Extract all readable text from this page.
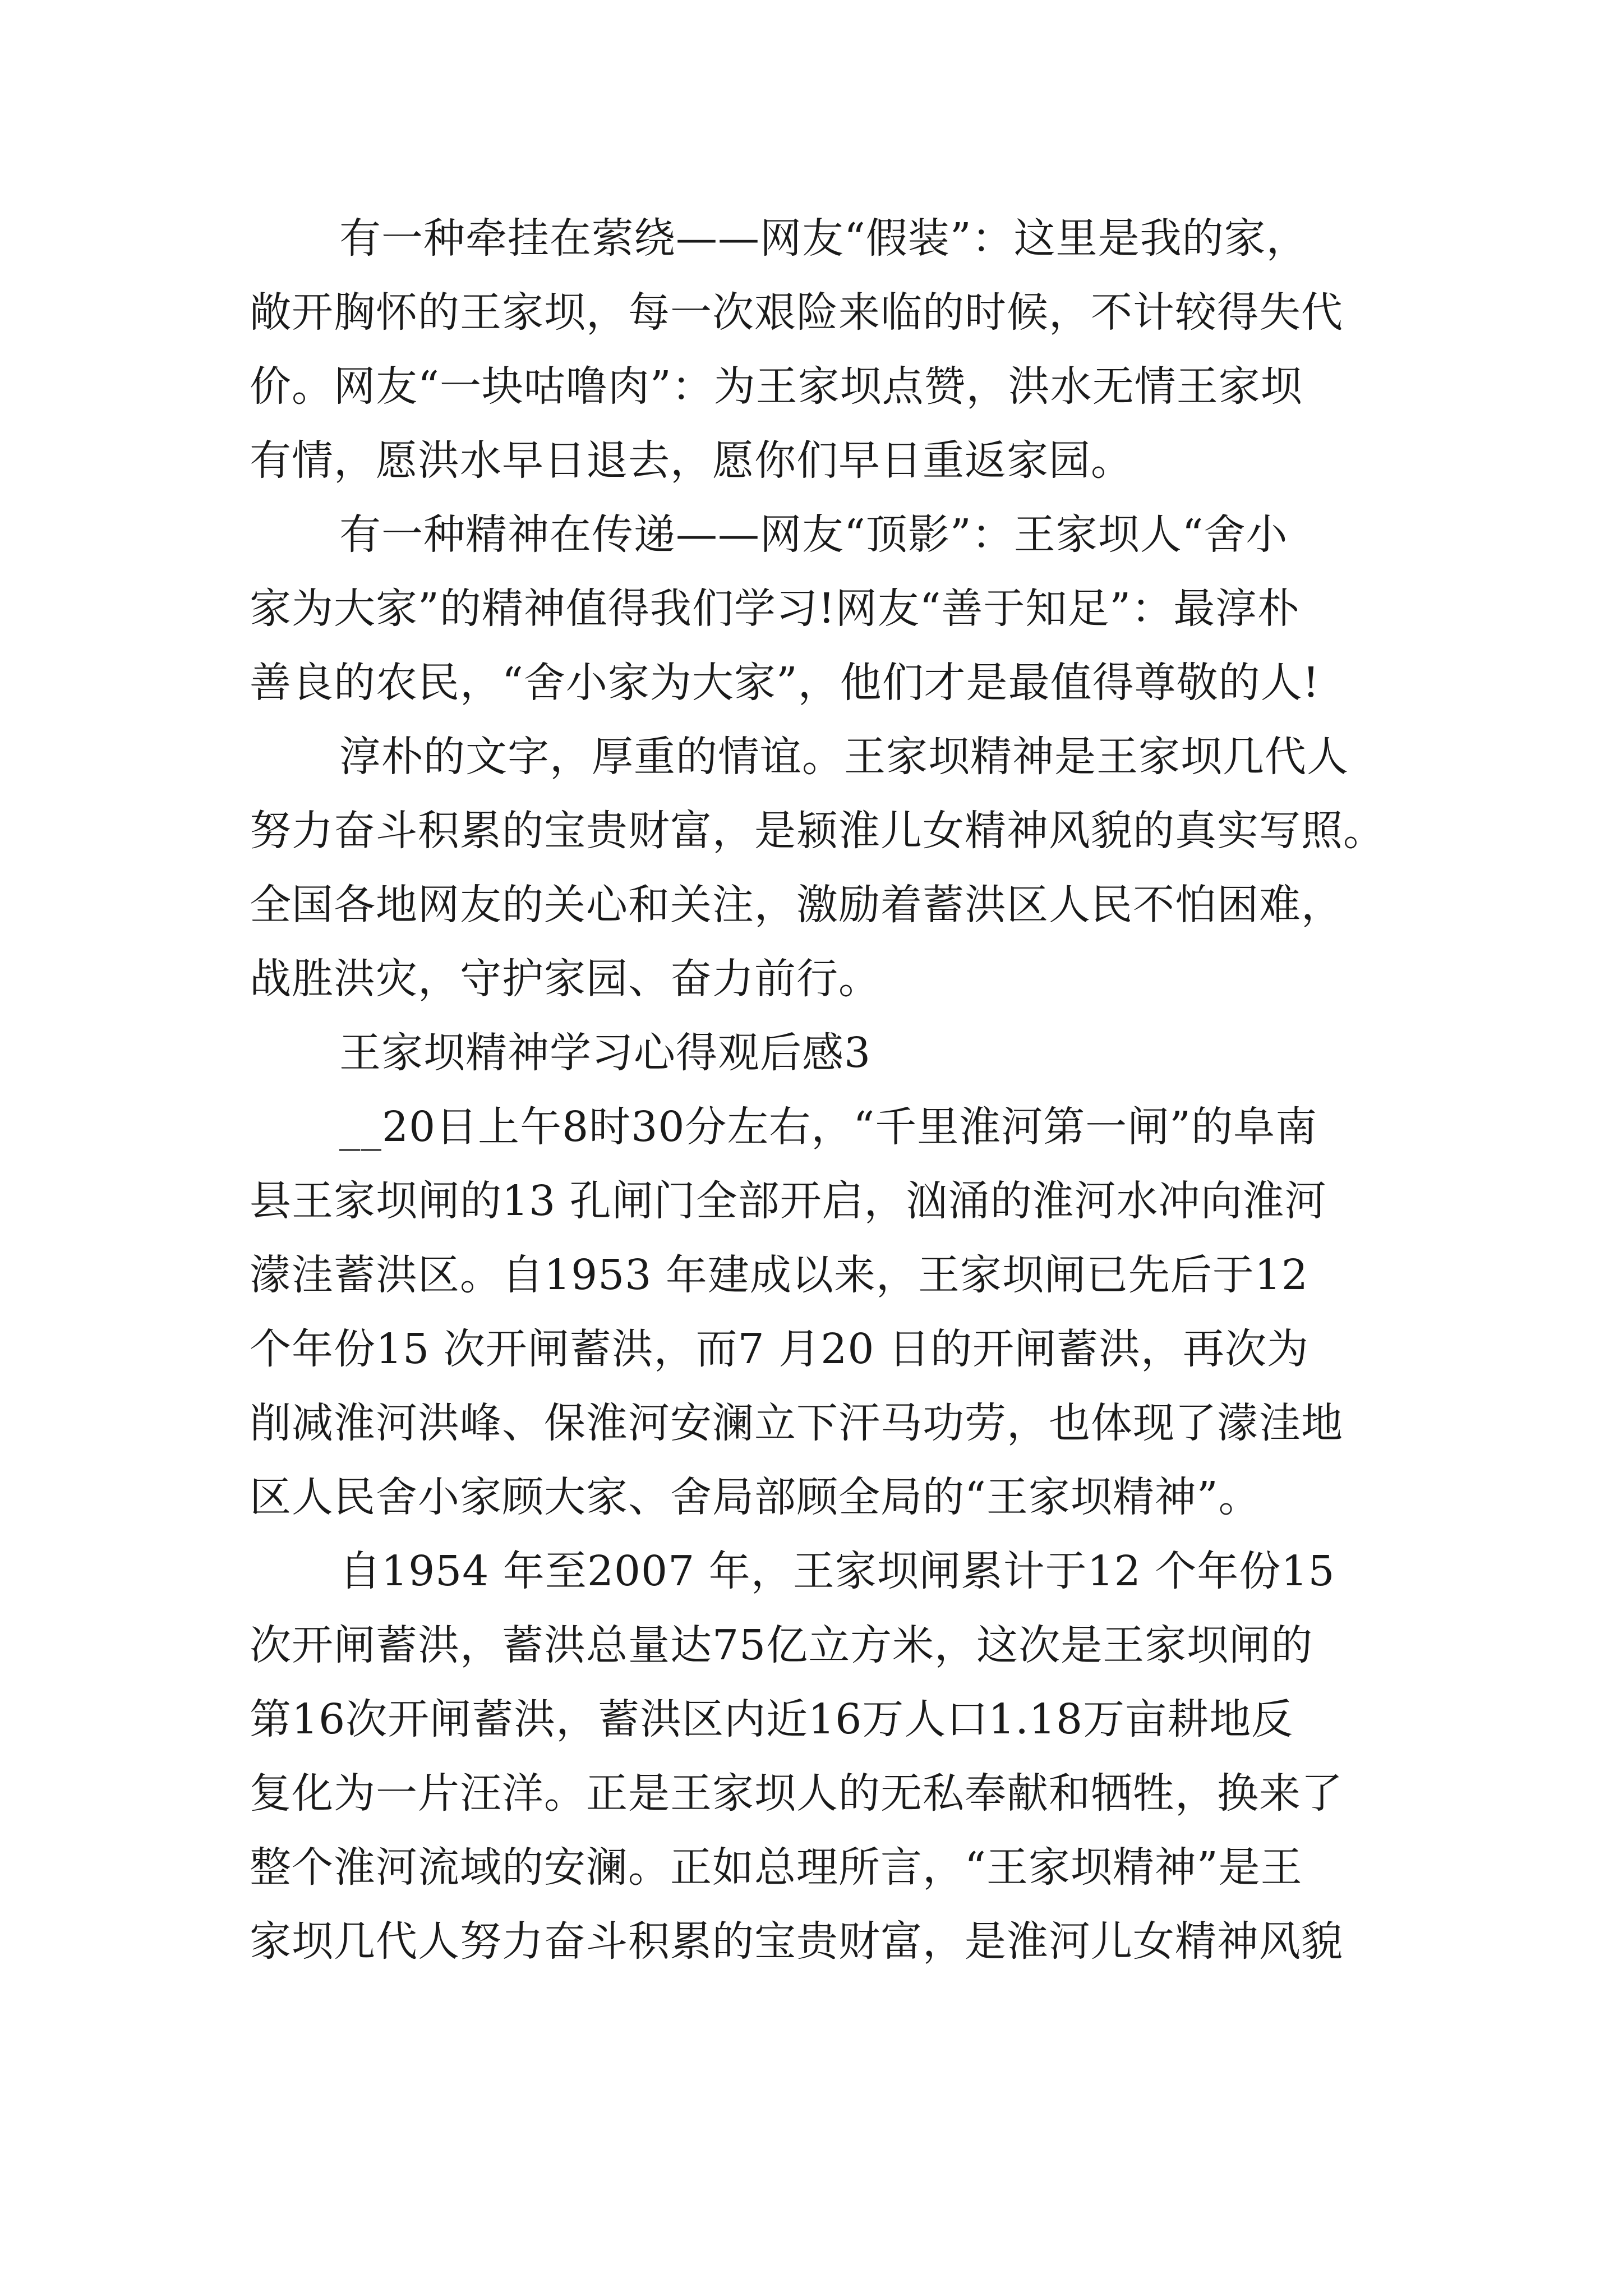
有一种牵挂在萦绕——网友“假装”：这里是我的家，
敞开胸怀的王家坝，每一次艰险来临的时候，不计较得失代
价。网友“一块咕噜肉”：为王家坝点赞，洪水无情王家坝
有情，愿洪水早日退去，愿你们早日重返家园。
有一种精神在传递——网友“顶影”：王家坝人“舍小
家为大家”的精神值得我们学习!网友“善于知足”：最淳朴
善良的农民，“舍小家为大家”，他们才是最值得尊敬的人!
淳朴的文字，厚重的情谊。王家坝精神是王家坝几代人
努力奋斗积累的宝贵财富，是颍淮儿女精神风貌的真实写照。
全国各地网友的关心和关注，激励着蓄洪区人民不怕困难，
战胜洪灾，守护家园、奋力前行。
王家坝精神学习心得观后感3
__20日上午8时30分左右，“千里淮河第一闸”的阜南
县王家坝闸的13 孔闸门全部开启，汹涌的淮河水冲向淮河
濛洼蓄洪区。自1953 年建成以来，王家坝闸已先后于12
个年份15 次开闸蓄洪，而7 月20 日的开闸蓄洪，再次为
削减淮河洪峰、保淮河安澜立下汗马功劳，也体现了濛洼地
区人民舍小家顾大家、舍局部顾全局的“王家坝精神”。
自1954 年至2007 年，王家坝闸累计于12 个年份15
次开闸蓄洪，蓄洪总量达75亿立方米，这次是王家坝闸的
第16次开闸蓄洪，蓄洪区内近16万人口1.18万亩耕地反
复化为一片汪洋。正是王家坝人的无私奉献和牺牲，换来了
整个淮河流域的安澜。正如总理所言，“王家坝精神”是王
家坝几代人努力奋斗积累的宝贵财富，是淮河儿女精神风貌
